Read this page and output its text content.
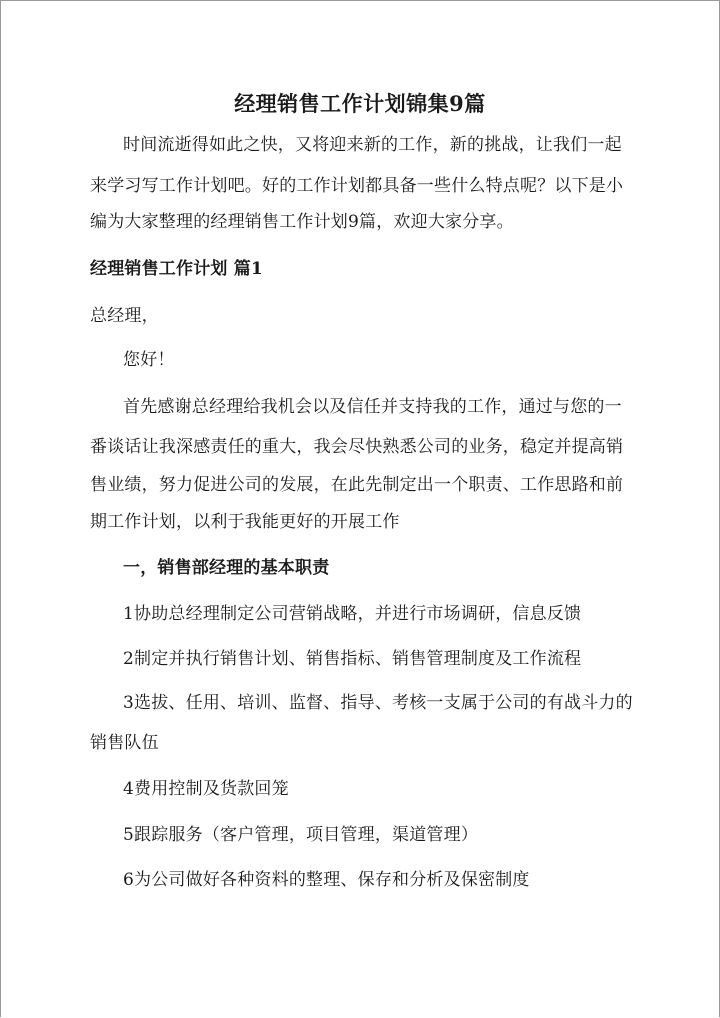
经理销售工作计划锦集9篇
时间流逝得如此之快，又将迎来新的工作，新的挑战，让我们一起
来学习写工作计划吧。好的工作计划都具备一些什么特点呢？以下是小
编为大家整理的经理销售工作计划9篇，欢迎大家分享。
经理销售工作计划 篇1
总经理，
您好！
首先感谢总经理给我机会以及信任并支持我的工作，通过与您的一
番谈话让我深感责任的重大，我会尽快熟悉公司的业务，稳定并提高销
售业绩，努力促进公司的发展，在此先制定出一个职责、工作思路和前
期工作计划，以利于我能更好的开展工作
一，销售部经理的基本职责
1协助总经理制定公司营销战略，并进行市场调研，信息反馈
2制定并执行销售计划、销售指标、销售管理制度及工作流程
3选拔、任用、培训、监督、指导、考核一支属于公司的有战斗力的
销售队伍
4费用控制及货款回笼
5跟踪服务（客户管理，项目管理，渠道管理）
6为公司做好各种资料的整理、保存和分析及保密制度
